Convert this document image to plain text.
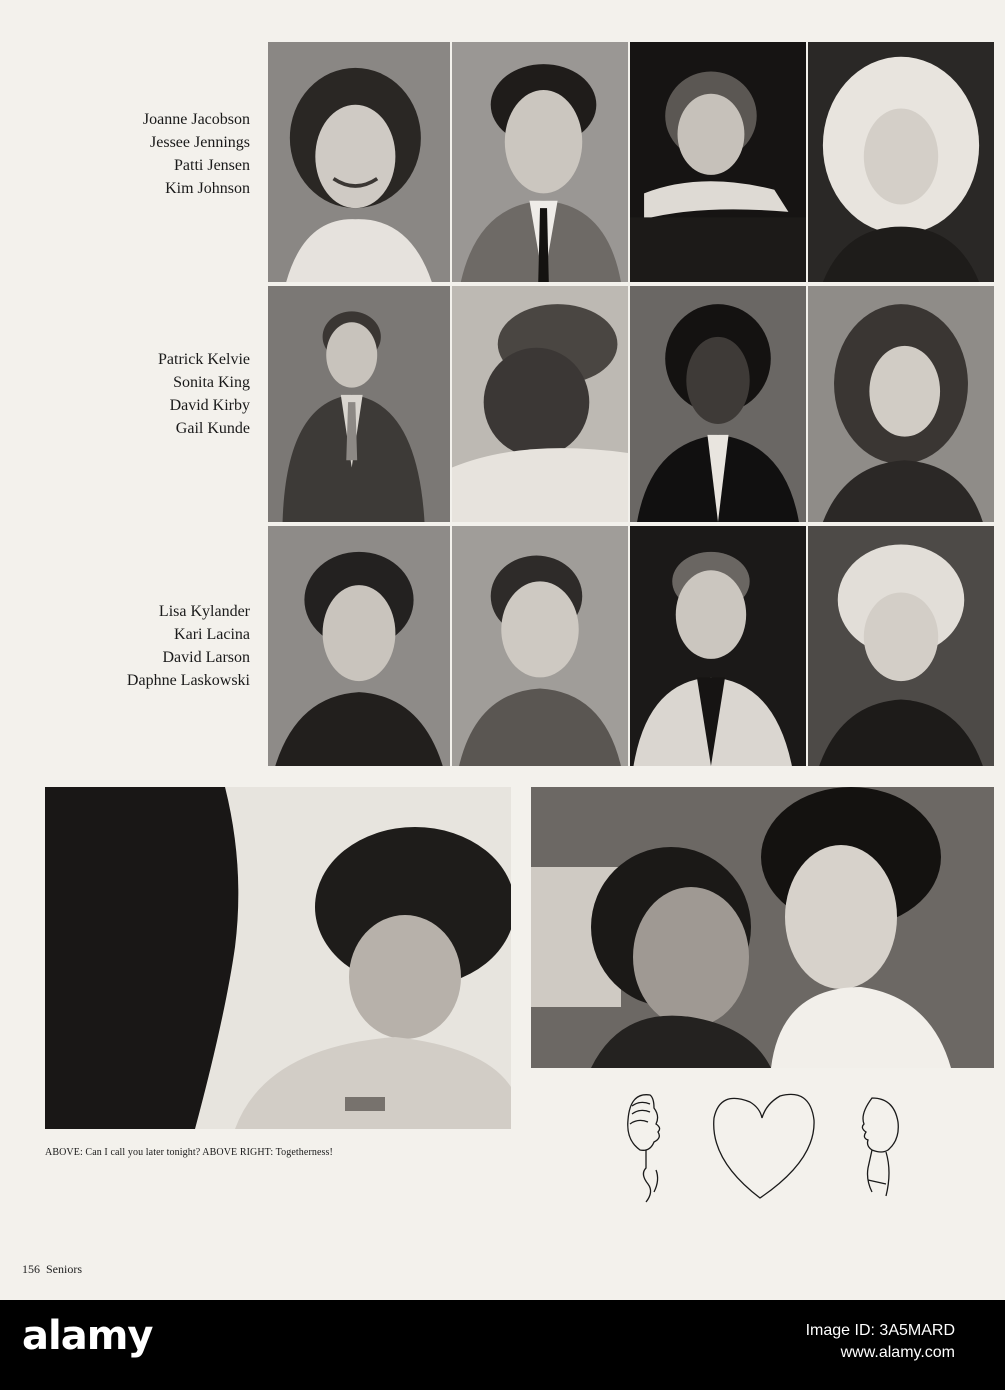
Joanne Jacobson
Jessee Jennings
Patti Jensen
Kim Johnson
Patrick Kelvie
Sonita King
David Kirby
Gail Kunde
Lisa Kylander
Kari Lacina
David Larson
Daphne Laskowski
ABOVE: Can I call you later tonight? ABOVE RIGHT: Togetherness!
156 Seniors
alamy	Image ID: 3A5MARD
www.alamy.com
